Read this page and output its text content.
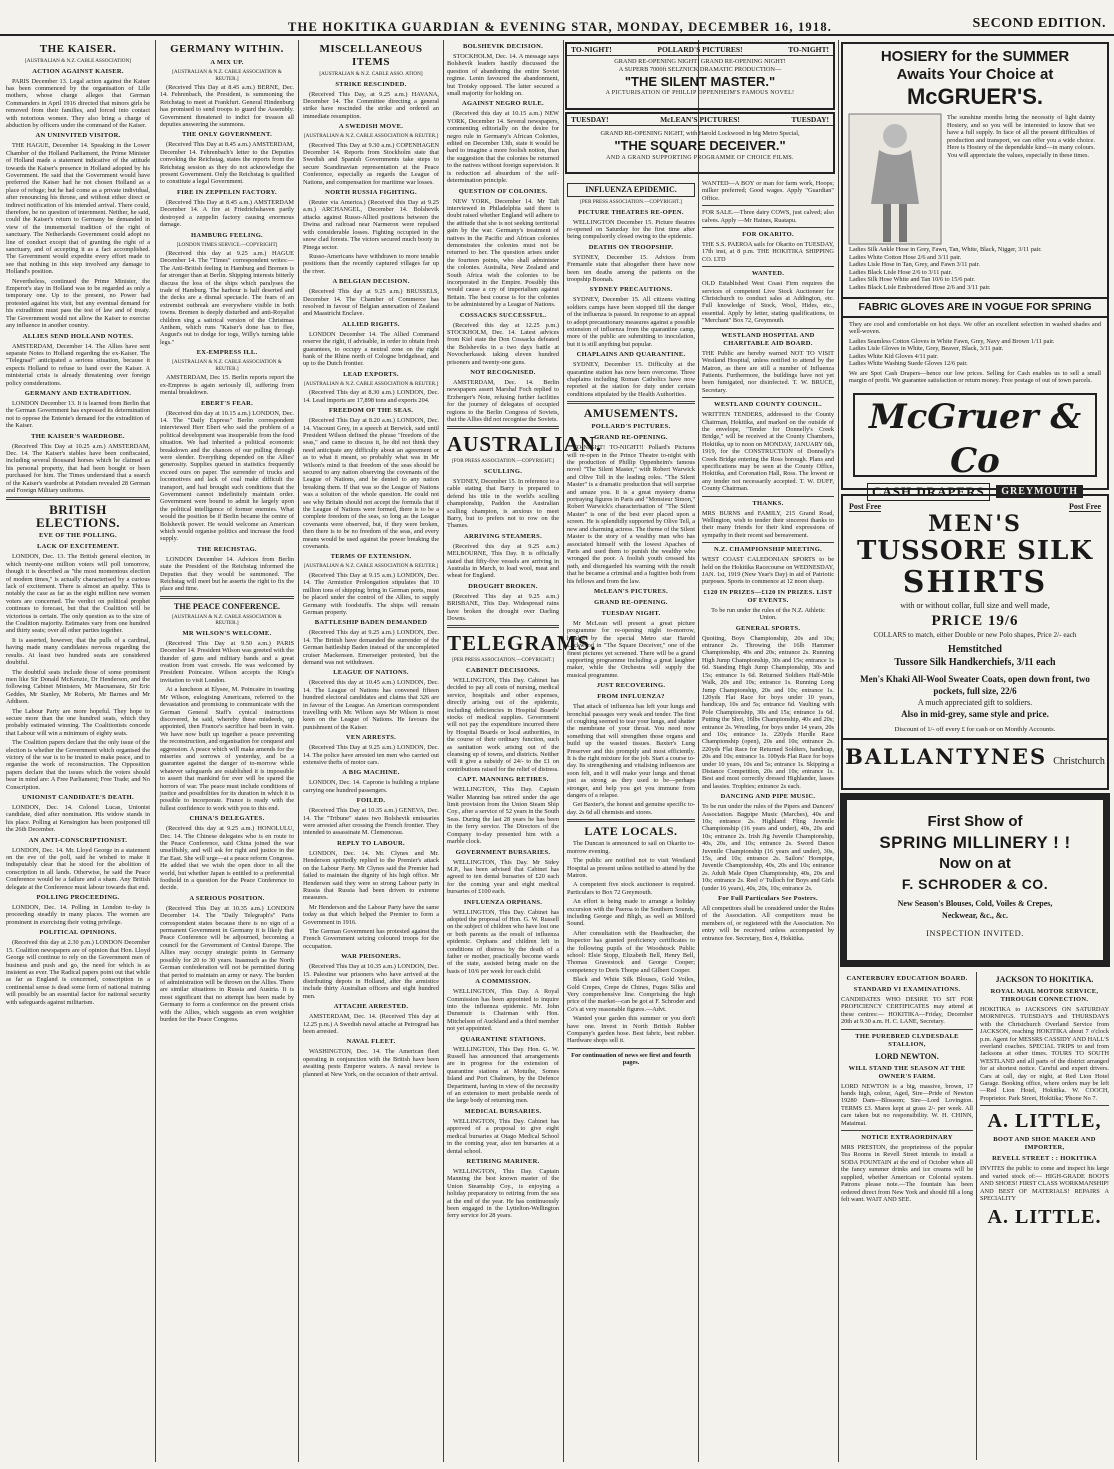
THE HOKITIKA GUARDIAN & EVENING STAR, MONDAY, DECEMBER 16, 1918.	SECOND EDITION.
THE KAISER.
[AUSTRALIAN & N.Z. CABLE ASSOCIATION]
ACTION AGAINST KAISER.

PARIS December 13. Legal action against the Kaiser has been commenced by the organisation of Lille mothers, whose charge alleges that German Commanders in April 1916 directed that minors girls be removed from their families, and forced into contact with notorious women. They also bring a charge of abduction by officers under the command of the Kaiser.

AN UNINVITED VISITOR.

THE HAGUE, December 14. Speaking in the Lower Chamber of the Holland Parliament, the Prime Minister of Holland made a statement indicative of the attitude towards the Kaiser's presence in Holland adopted by his Government. He said that the Government would have preferred the Kaiser had he not chosen Holland as a place of refuge; but he had come as a private individual, after renouncing his throne, and without either direct or indirect notification of his intended arrival. There could, therefore, be no question of internment. Neither, he said, could the Kaiser's return to Germany be demanded in view of the immemorial tradition of the right of sanctuary. The Netherlands Government could adopt no line of conduct except that of granting the right of a sanctuary, and of accepting it as a fact accomplished. The Government would expedite every effort made to see that nothing in this step involved any damage to Holland's position.

Nevertheless, continued the Prime Minister, the Emperor's stay in Holland was to be regarded as only a temporary one. Up to the present, no Power had protested against his visit, but any eventual demand for his extradition must pass the test of law and of treaty. The Government would not allow the Kaiser to exercise any influence in another country.

ALLIES SEND HOLLAND NOTES.

AMSTERDAM, December 14. The Allies have sent separate Notes to Holland regarding the ex-Kaiser. The "Telegraaf" anticipated a serious situation, because it expects Holland to refuse to hand over the Kaiser. A ministerial crisis is already threatening over foreign policy considerations.

GERMANY AND EXTRADITION.

LONDON December 13. It is learned from Berlin that the German Government has expressed its determination not to oppose the Entente's demand for the extradition of the Kaiser.

THE KAISER'S WARDROBE.

(Received This Day at 10.25 a.m.) AMSTERDAM, Dec. 14. The Kaiser's stables have been confiscated, including several thousand horses which he claimed as his personal property, that had been bought or been purchased for him. The Times understand that a search of the Kaiser's wardrobe at Potsdam revealed 28 German and Foreign Military uniforms.

BRITISH ELECTIONS.
EVE OF THE POLLING.
LACK OF EXCITEMENT.

LONDON, Dec. 13. The British general election, in which twenty-one million voters will poll tomorrow, though it is described as "the most momentous election of modern times," is actually characterised by a curious lack of excitement. There is almost an apathy. This is notably the case as far as the eight million new women voters are concerned. The verdict on political prophet continues to forecast, but that the Coalition will be victorious is certain. The only question as to the size of the Coalition majority. Estimates vary from one hundred and thirty seats; over all other parties together.

It is asserted, however, that the pulls of a cardinal, having made many candidates nervous regarding the results. At least two hundred seats are considered doubtful.

The doubtful seats include those of some prominent men like Sir Donald McKenzie, Dr Henderson, and the following Cabinet Ministers, Mr Macnamara, Sir Eric Geddes, Mr Stanley, Mr Roberts, Mr Barnes and Mr Addison.

The Labour Party are more hopeful. They hope to secure more than the one hundred seats, which they probably estimated winning. The Coalitionists concede that Labour will win a minimum of eighty seats.

The Coalition papers declare that the only issue of the election is whether the Government which organised the victory of the war is to be trusted to make peace, and to organise the work of reconstruction. The Opposition papers declare that the issues which the voters should bear in mind are: A Free Parliament; Free Trade; and No Conscription.

UNIONIST CANDIDATE'S DEATH.

LONDON, Dec. 14. Colonel Lucas, Unionist candidate, died after nomination. His widow stands in his place. Polling at Kensington has been postponed till the 26th December.

AN ANTI-CONSCRIPTIONIST.

LONDON, Dec. 14. Mr. Lloyd George in a statement on the eve of the poll, said he wished to make it indisputably clear that he stood for the abolition of conscription in all lands. Otherwise, he said the Peace Conference would be a failure and a sham. Any British delegate at the Conference must labour towards that end.

POLLING PROCEEDING.

LONDON, Dec. 14. Polling in London to-day is proceeding steadily in many places. The women are prominent in exercising their voting privilege.

POLITICAL OPINIONS.

(Received this day at 2.30 p.m.) LONDON December 15. Coalition newspapers are of opinion that Hon. Lloyd George will continue to rely on the Government men of business and push and go, the need for which is as insistent as ever. The Radical papers point out that while as far as England is concerned, conscription in a continental sense is dead some form of national training will possibly be an essential factor for national security with safeguards against militarism.

GERMANY WITHIN.
A MIX UP.
[AUSTRALIAN & N.Z. CABLE ASSOCIATION & REUTER.]

(Received This Day at 8.45 a.m.) BERNE, Dec. 14. Fehrenbach, the President, is summoning the Reichstag to meet at Frankfurt. General Hindenburg has promised to send troops to guard the Assembly. Government threatened to indict for treason all deputies answering the summons.

THE ONLY GOVERNMENT.

(Received This Day at 8.45 a.m.) AMSTERDAM, December 14. Fehrenbach's letter to the Deputies convoking the Reichstag, states the reports from the Reichstag session as they do not acknowledge the present Government. Only the Reichstag is qualified to constitute a legal Government.

FIRE IN ZEPPELIN FACTORY.

(Received This Day at 8.45 a.m.) AMSTERDAM December 14. A fire at Friedrichshaven partly destroyed a zeppelin factory causing enormous damage.

HAMBURG FEELING.
[LONDON TIMES SERVICE.—COPYRIGHT]

(Received this day at 9.25 a.m.) HAGUE December 14. The "Times" correspondent writes:— The Anti-British feeling in Hamburg and Bremen is far stronger than at Berlin. Shipping interests bitterly discuss the loss of the ships which paralyses the trade of Hamburg. The harbour is half deserted and the decks are a dismal spectacle. The fears of an extremist outbreak are everywhere visible in both towns. Bremen is deeply disturbed and anti-Royalist children sing a satirical version of the Christmas Anthem, which runs "Kaiser's done has to flee, August's out to dodge for togs, Willy's turning table legs."

EX-EMPRESS ILL.
[AUSTRALIAN & N.Z. CABLE ASSOCIATION & REUTER.]

AMSTERDAM, Dec 15. Berlin reports report the ex-Empress is again seriously ill, suffering from mental breakdown.

EBERT'S FEAR.

(Received this day at 10.15 a.m.) LONDON, Dec. 14. The "Daily Express" Berlin correspondent interviewed Herr Ebert who said the problem of a political development was insuperable from the food situation. We had inherited a political economic breakdown and the chances of our pulling through were slender. Everything depended on the Allies' generosity. Supplies queued in statistics frequently exceed ours on paper. The surrender of trucks and locomotives and lack of coal make difficult the transport, and had brought such conditions that the Government cannot indefinitely maintain order. Government were bound to admit he largely upon the political intelligence of former enemies. What would the position be if Berlin became the centre of Bolshevik power. He would welcome an American which would organise politics and increase the food supply.

THE REICHSTAG.

LONDON December 14. Advices from Berlin state the President of the Reichstag informed the Deputies that they would be summoned. The Reichstag will meet but he asserts the right to fix the place and time.

THE PEACE CONFERENCE.
[AUSTRALIAN & N.Z. CABLE ASSOCIATION & REUTER.]
MR WILSON'S WELCOME.

(Received This Day at 9.50 a.m.) PARIS December 14. President Wilson was greeted with the thunder of guns and military bands and a great ovation from vast crowds. He was welcomed by President Poincaire. Wilson accepts the King's invitation to visit London.

At a luncheon at Elysee, M. Poincaire in toasting Mr Wilson, eulogising Americans, referred to the devastation and promising to communicate with the German General Staff's cynical instructions discovered, he said, whereby these misdeeds, up appointed, then France's sacrifice had been in vain. We have now built up together a peace preventing the reconstruction, and organisation for conquest and aggression. A peace which will make amends for the miseries and sorrows of yesterday, and be a guarantee against the danger of to-morrow while whatever safeguards are established it is impossible to assert that mankind for ever will be spared the horrors of war. The peace must include conditions of justice and possibilities for its duration in which it is possible to incorporate. France is ready with the fullest confidence to work with you to this end.

CHINA'S DELEGATES.

(Received this day at 9.25 a.m.) HONOLULU, Dec. 14. The Chinese delegates who is en route to the Peace Conference, said China joined the war unselfishly, and will ask for right and justice in the Far East. She will urge—at a peace reform Congress. He added that we wish the open door to all the world, but whether Japan is entitled to a preferential foothold in a question for the Peace Conference to decide.

A SERIOUS POSITION.

(Received This Day at 10.35 a.m.) LONDON December 14. The "Daily Telegraph's" Paris correspondent states because there is no sign of a permanent Government in Germany it is likely that Peace Conference will be adjourned, becoming a council for the Government of Central Europe. The Allies may occupy strategic points in Germany possibly for 20 to 30 years. Inasmuch as the North German confederation will not be permitted during that period to maintain an army or navy. The burden of administration will be thrown on the Allies. There are similar situations in Russia and Austria. It is most significant that no attempt has been made by Germany to form a conference on the present crisis with the Allies, which suggests an even weightier burden for the Peace Congress.

MISCELLANEOUS ITEMS
[AUSTRALIAN & N.Z. CABLE ASSO. ATION]
STRIKE RESCINDED.

(Received This Day, at 9.25 a.m.) HAVANA, December 14. The Committee directing a general strike have rescinded the strike and ordered an immediate resumption.

A SWEDISH MOVE.
[AUSTRALIAN & N.Z. CABLE ASSOCIATION & REUTER.]

(Received This Day at 9.30 a.m.) COPENHAGEN December 14. Reports from Stockholm state that Swedish and Spanish Governments take steps to secure Scandinavian representation at the Peace Conference, especially as regards the League of Nations, and compensation for maritime war losses.

NORTH RUSSIA FIGHTING.

(Reuter via America.) (Received this Day at 9.25 a.m.) ARCHANGEL, December 14. Bolshevik attacks against Russo-Allied positions between the Dwina and railroad near Narmeron were repulsed with considerable losses. Fighting occupied in the snow clad forests. The victors secured much booty in Pinega sector.

Russo-Americans have withdrawn to more tenable positions than the recently captured villages far up the river.

A BELGIAN DECISION.

(Received This day at 9.25 a.m.) BRUSSELS, December 14. The Chamber of Commerce has resolved in favour of Belgian annexation of Zealand and Maastricht Enclave.

ALLIED RIGHTS.

LONDON December 14. The Allied Command reserve the right, if advisable, in order to obtain fresh guarantees, to occupy a neutral zone on the right bank of the Rhine north of Cologne bridgehead, and up to the Dutch frontier.

LEAD EXPORTS.
[AUSTRALIAN & N.Z. CABLE ASSOCIATION & REUTER.]

(Received This day at 8.30 a.m.) LONDON, Dec. 14. Lead imports are 17,898 tons and exports 204.

FREEDOM OF THE SEAS.

(Received This Day at 8.20 a.m.) LONDON, Dec. 14. Viscount Grey, in a speech at Berwick, said until President Wilson defined the phrase "freedom of the seas," and came to discuss it, he did not think they need anticipate any difficulty about an agreement or as to what it meant, so probably what was in Mr Wilson's mind is that freedom of the seas should be secured to any nation observing the covenants of the League of Nations, and be denied to any nation breaking them. If that was so the League of Nations was a solution of the whole question. He could not see why Britain should not accept the formula that if the League of Nations were formed, there is to be a complete freedom of the seas, so long as the League covenants were observed, but, if they were broken, then there is to be no freedom of the seas, and every means would be used against the power breaking the covenants.

TERMS OF EXTENSION.
[AUSTRALIAN & N.Z. CABLE ASSOCIATION & REUTER.]

(Received This Day at 9.15 a.m.) LONDON, Dec. 14. The Armistice Prolongation stipulates that 10 million tons of shipping; bring in German ports, must be placed under the control of the Allies, to supply Germany with foodstuffs. The ships will remain German property.

BATTLESHIP BADEN DEMANDED

(Received This day at 9.25 a.m.) LONDON, Dec. 14. The British have demanded the surrender of the German battleship Baden instead of the uncompleted cruiser Mackensen. Ernerseiger protested, but the demand was not withdrawn.

LEAGUE OF NATIONS.

(Received this day at 10.45 a.m.) LONDON, Dec. 14. The League of Nations has convened fifteen hundred electoral candidates and claims that 326 are in favour of the League. An American correspondent travelling with Mr. Wilson says Mr Wilson is most keen on the League of Nations. He favours the punishment of the Kaiser.

VEN ARRESTS.

(Received This Day at 9.25 a.m.) LONDON, Dec. 14. The police have arrested ten men who carried out extensive thefts of motor cars.

A BIG MACHINE.

LONDON, Dec. 14. Caprone is building a triplane carrying one hundred passengers.

FOILED.

(Received This Day at 10.35 a.m.) GENEVA, Dec. 14. The "Tribune" states two Bolshevik emissaries were arrested after crossing the French frontier. They intended to assassinate M. Clemenceau.

REPLY TO LABOUR.

LONDON, Dec. 14. Mr. Clynes and Mr. Henderson spiritedly replied to the Premier's attack on the Labour Party. Mr Clynes said the Premier had failed to maintain the dignity of his high office. Mr Henderson said they were so strong Labour party in Russia that Russia had been driven to extreme measures.

Mr Henderson and the Labour Party have the same today as that which helped the Premier to form a Government in 1916.

The German Government has protested against the French Government seizing coloured troops for the occupation.

WAR PRISONERS.

(Received This Day at 10.35 a.m.) LONDON, Dec. 15. Palestine war prisoners who have arrived at the distributing depots in Holland, after the armistice include thirty Australian officers and eight hundred men.

ATTACHE ARRESTED.

AMSTERDAM, Dec. 14. (Received This day at 12.25 p.m.) A Swedish naval attache at Petrograd has been arrested.

NAVAL FLEET.

WASHINGTON, Dec. 14. The American fleet operating in conjunction with the British have been awaiting pests Emperor waters. A naval review is planned at New York, on the occasion of their arrival.

BOLSHEVIK DECISION.

STOCKHOLM, Dec. 14. A message says Bolshevik leaders hastily discussed the question of abandoning the entire Soviet regime. Lenin favoured the abandonment, but Trotsky opposed. The latter secured a small majority for holding on.

AGAINST NEGRO RULE.

(Received this day at 10.15 a.m.) NEW YORK, December 14. Several newspapers, commenting editorially on the desire for negro rule in Germany's African Colonies, edited on December 13th, state it would be hard to imagine a more foolish notion, than the suggestion that the colonies be returned to the natives without foreign supervision. It is reduction ad absurdum of the self-determination principle.

QUESTION OF COLONIES.

NEW YORK, December 14. Mr Taft interviewed in Philadelphia said there is doubt raised whether England will adhere to the attitude that she is not seeking territorial gain by the war. Germany's treatment of natives in the Pacific and African colonies demonstrates the colonies must not be returned to her. The question arises under the fourteen points, who shall administer the colonies. Australia, New Zealand and South Africa wish the colonies to be incorporated in the Empire. Possibly this would cause a cry of imperialism against Britain. The best course is for the colonies to be administered by a League of Nations.

COSSACKS SUCCESSFUL.

(Received this day at 12.25 p.m.) STOCKHOLM, Dec. 14. Latest advices from Kiel state the Don Cossacks defeated the Bolsheviks in a two days battle at Novocherkassk taking eleven hundred prisoners and twenty-one guns.

NOT RECOGNISED.

AMSTERDAM, Dec. 14. Berlin newspapers assert Marshal Foch replied to Erzberger's Note, refusing further facilities for the journey of delegates of occupied regions to the Berlin Congress of Soviets, that the Allies did not recognise the Soviets.

AUSTRALIAN.
[FOR PRESS ASSOCIATION.—COPYRIGHT.]
SCULLING.

SYDNEY, December 15. In reference to a cable stating that Barry is prepared to defend his title in the world's sculling championship, Paddon the Australian sculling champion, is anxious to meet Barry, but to prefers not to row on the Thames.

ARRIVING STEAMERS.

(Received this day at 9.25 a.m.) MELBOURNE, This Day. It is officially stated that fifty-five vessels are arriving in Australia in March, to load wool, meat and wheat for England.

DROUGHT BROKEN.

(Received This day at 9.25 a.m.) BRISBANE, This Day. Widespread rains have broken the drought over Darling Downs.

TELEGRAMS.
[PER PRESS ASSOCIATION.—COPYRIGHT.]
CABINET DECISIONS.

WELLINGTON, This Day. Cabinet has decided to pay all costs of nursing, medical service, hospitals and other expenses, directly arising out of the epidemic, including deficiencies in Hospital Boards' stocks of medical supplies. Government will not pay the expenditure incurred there by Hospital Boards or local authorities, in the course of their ordinary function, such as sanitation work arising out of the cleansing up of towns, and districts. Neither will it give a subsidy of 24/- to the £1 on contributions raised for the relief of distress.

CAPT. MANNING RETIRES.

WELLINGTON, This Day. Captain Waller Manning has retired under the age limit provision from the Union Steam Ship Coy., after a service of 52 years in the South Seas. During the last 28 years he has been in the ferry service. The Directors of the Company to-day presented him with a marble clock.

GOVERNMENT BURSARIES.

WELLINGTON, This Day. Mr Sidey M.P., has been advised that Cabinet has agreed to ten dental bursaries of £20 each for the coming year and eight medical bursaries of £100 each.

INFLUENZA ORPHANS.

WELLINGTON, This Day. Cabinet has adopted the proposal of Hon. G. W. Russell on the subject of children who have lost one or both parents as the result of influenza epidemic. Orphans and children left in conditions of distress by the death of a father or mother, practically become wards of the state, assisted being made on the basis of 10/6 per week for each child.

A COMMISSION.

WELLINGTON, This Day. A Royal Commission has been appointed to inquire into the influenza epidemic. Mr. John Dunsmuir is Chairman with Hon. Mitchelson of Auckland and a third member not yet appointed.

QUARANTINE STATIONS.

WELLINGTON, This Day. Hon. G. W. Russell has announced that arrangements are in progress for the extension of quarantine stations at Motuihe, Somes Island and Port Chalmers, by the Defence Department, having in view of the necessity of an extension to meet probable needs of the large body of returning men.

MEDICAL BURSARIES.

WELLINGTON, This Day. Cabinet has approved of a proposal to give eight medical bursaries at Otago Medical School in the coming year, also ten bursaries at a dental school.

RETIRING MARINER.

WELLINGTON, This Day. Captain Manning the best known master of the Union Steamship Coy., is enjoying a holiday preparatory to retiring from the sea at the end of the year. He has continuously been engaged in the Lyttelton-Wellington ferry service for 28 years.

TO-NIGHT!	POLLARD'S PICTURES!	TO-NIGHT!
GRAND RE-OPENING NIGHT! GRAND RE-OPENING NIGHT!
A SUPERB 7000ft SELZNICK DRAMATIC PRODUCTION—
"THE SILENT MASTER."
A PICTURISATION OF PHILLIP OPPENHEIM'S FAMOUS NOVEL!
TUESDAY!	McLEAN'S PICTURES!	TUESDAY!
GRAND RE-OPENING NIGHT, with Harold Lockwood in big Metro Special,
"THE SQUARE DECEIVER."
AND A GRAND SUPPORTING PROGRAMME OF CHOICE FILMS.
INFLUENZA EPIDEMIC.
[PER PRESS ASSOCIATION.—COPYRIGHT.]
PICTURE THEATRES RE-OPEN.

WELLINGTON December 15. Picture theatres re-opened on Saturday for the first time after being compulsorily closed owing to the epidemic.

DEATHS ON TROOPSHIP.

SYDNEY, December 15. Advices from Fremantle state that altogether there have now been ten deaths among the patients on the troopship Boonah.

SYDNEY PRECAUTIONS.

SYDNEY, December 15. All citizens visiting soldiers camps have been stopped till the danger of the influenza is passed. In response to an appeal to adopt precautionary measures against a possible extension of influenza from the quarantine camp, more of the public are submitting to inoculation, but it is still anything but popular.

CHAPLAINS AND QUARANTINE.

SYDNEY, December 15. Difficulty at the quarantine station has now been overcome. Three chaplains including Roman Catholics have now reported at the station for duty under certain conditions stipulated by the Health Authorities.

AMUSEMENTS.
POLLARD'S PICTURES.
GRAND RE-OPENING.

TO-NIGHT! TO-NIGHT!! Pollard's Pictures will re-open in the Prince Theatre to-night with the production of Phillip Oppenheim's famous novel "The Silent Master," with Robert Warwick and Olive Tell in the leading roles. "The Silent Master" is a dramatic production that will surprise and amaze you. It is a great mystery drama portraying figures in Paris and "Monsieur Simon," Robert Warwick's characterisation of "The Silent Master" is one of the best ever placed upon a screen. He is splendidly supported by Olive Tell, a new and charming actress. The theme of the Silent Master is the story of a wealthy man who has associated himself with the lowest Apaches of Paris and used them to punish the wealthy who wronged the poor. A foolish youth crossed his path, and disregarded his warning with the result that he became a criminal and a fugitive both from his fellows and from the law.

McLEAN'S PICTURES.
GRAND RE-OPENING.
TUESDAY NIGHT.

Mr McLean will present a great picture programme for re-opening night to-morrow, headed by the special Metro star Harold Lockwood in "The Square Deceiver," one of the finest pictures yet screened. There will be a grand supporting programme including a great laughter maker, while the Orchestra will supply the musical programme.

JUST RECOVERING.
FROM INFLUENZA?

That attack of influenza has left your lungs and bronchial passages very weak and tender. The first of coughing seemed to tear your lungs, and shatter the membrane of your throat. You need now something that will strengthen those organs and build up the wasted tissues. Baxter's Lung Preserver and this promptly and most efficiently. It is the right mixture for the job. Start a course to-day. Its strengthening and vitalising influences are soon felt, and it will make your lungs and throat just as strong as they used to be—perhaps stronger, and help you get you immune from dangers of a relapse.

Get Baxter's, the honest and genuine specific to-day. 2s 6d all chemists and stores.

LATE LOCALS.

The Duncan is announced to sail on Okarito to-morrow evening.

The public are notified not to visit Westland Hospital as present unless notified to attend by the Matron.

A competent five stock auctioneer is required. Particulars to Box 72 Greymouth.

An effort is being made to arrange a holiday excursion with the Paeroa to the Southern Sounds, including George and Bligh, as well as Milford Sound.

After consultation with the Headteacher, the Inspector has granted proficiency certificates to the following pupils of the Woodstock Public school: Elsie Stopp, Elizabeth Bell, Henry Bell, Thomas Gravestock and George Cooper; competency to Doris Thorpe and Gilbert Cooper.

Black and White Silk Blouses, Gold Voiles, Gold Crepes, Crepe de Chines, Fuges Silks and Very comprehensive line. Comprising the high price of the market—can be got at F. Schroder and Co's at very reasonable figures.—Advt.

Wanted your garden this summer or you don't have one. Invest in North British Rubber Company's garden hose. Best fabric, best rubber. Hardware shops sell it.

For continuation of news see first and fourth pages.

WANTED—A BOY or man for farm work, Hoops; milker preferred; Good wages. Apply "Guardian" Office.
FOR SALE.—Three dairy COWS, just calved; also calves. Apply —Mr Haines, Ruatapu.
FOR OKARITO.
THE S.S. PAEROA sails for Okarito on TUESDAY, 17th inst, at 8 p.m. THE HOKITIKA SHIPPING CO. LTD
WANTED.
OLD Established West Coast Firm requires the services of competent Live Stock Auctioneer for Christchurch to conduct sales at Addington, etc. Full knowledge of Stock, Wool, Hides, etc., essential. Apply by letter, stating qualifications, to "Merchant" Box 72, Greymouth.
WESTLAND HOSPITAL AND CHARITABLE AID BOARD.
THE Public are hereby warned NOT TO VISIT Westland Hospital, unless notified to attend by the Matron, as there are still a number of Influenza Patients. Furthermore, the buildings have not yet been fumigated, nor disinfected. T. W. BRUCE, Secretary.
WESTLAND COUNTY COUNCIL.
WRITTEN TENDERS, addressed to the County Chairman, Hokitika, and marked on the outside of the envelope, "Tender for Donnelly's Creek Bridge," will be received at the County Chambers, Hokitika, up to noon on MONDAY, JANUARY 6th, 1919, for the CONSTRUCTION of Donnelly's Creek Bridge entering the Ross borough. Plans and specifications may be seen at the County Office, Hokitika, and Coronation Hall, Ross. The lowest or any tender not necessarily accepted. T. W. DUFF, County Chairman.
THANKS.
MRS BURNS and FAMILY, 215 Grand Road, Wellington, wish to tender their sincerest thanks to their many friends for their kind expressions of sympathy in their recent sad bereavement.
N.Z. CHAMPIONSHIP MEETING.
WEST COAST CALEDONIAN SPORTS to be held on the Hokitika Racecourse on WEDNESDAY, JAN. 1st, 1919 (New Year's Day) in aid of Patriotic purposes. Sports to commence at 12 noon sharp.
£120 IN PRIZES—£120 IN PRIZES. LIST OF EVENTS.
To be run under the rules of the N.Z. Athletic Union.
GENERAL SPORTS.
Quoiting, Boys Championship, 20s and 10s; entrance 2s. Throwing the 16lb Hammer Championship, 40s and 20s; entrance 2s. Running High Jump Championship, 30s and 15s; entrance 1s 6d. Standing High Jump Championship, 30s and 15s; entrance 1s 6d. Returned Soldiers Half-Mile Walk, 20s and 10s; entrance 1s. Running Long Jump Championship, 20s and 10s; entrance 1s. 120yds Flat Race for boys under 10 years, handicap, 10s and 5s; entrance 6d. Vaulting with Pole Championship, 30s and 15s; entrance 1s 6d. Putting the Shot, 16lbs Championship, 40s and 20s; entrance 2s. Wrestling, for boys under 14 years, 20s and 10s; entrance 1s. 220yds Hurdle Race Championship (open), 20s and 10s; entrance 2s. 220yds Flat Race for Returned Soldiers, handicap, 20s and 10s; entrance 1s. 100yds Flat Race for boys under 10 years, 10s and 5s; entrance 1s. Skipping a Distance Competition, 20s and 10s; entrance 1s. Best and most correctly dressed Highlander, lasses and lassies. Trophies; entrance 2s each.
DANCING AND PIPE MUSIC.
To be run under the rules of the Pipers and Dancers' Association. Bagpipe Music (Marches), 40s and 10s; entrance 2s. Highland Fling Juvenile Championship (16 years and under), 40s, 20s and 10s; entrance 2s. Irish Jig Juvenile Championship, 40s, 20s, and 10s; entrance 2s. Sword Dance Juvenile Championship (16 years and under), 30s, 15s, and 10s; entrance 2s. Sailors' Hornpipe, Juvenile Championship, 40s, 20s and 10s; entrance 2s. Adult Male Open Championship, 40s, 20s and 10s; entrance 2s. Reel o' Tulloch for Boys and Girls (under 16 years), 40s, 20s, 10s; entrance 2s.
For Full Particulars See Posters.
All competitors shall be considered under the Rules of the Association. All competitors must be members of, or registered with the Association. No entry will be received unless accompanied by entrance fee. Secretary, Box 4, Hokitika.
HOSIERY for the SUMMER
Awaits Your Choice at
McGRUER'S.
The sunshine months bring the necessity of light dainty Hosiery, and so you will be interested to know that we have a full supply. In face of all the present difficulties of production and transport, we can offer you a wide choice. Here is Hosiery of the dependable kind—in many colours. You will appreciate the values, especially in these times.
Ladies Silk Ankle Hose in Grey, Fawn, Tan, White, Black, Nigger, 3/11 pair.
Ladies White Cotton Hose 2/6 and 3/11 pair.
Ladies Lisle Hose in Tan, Grey, and Fawn 3/11 pair.
Ladies Black Lisle Hose 2/6 to 3/11 pair.
Ladies Silk Hose White and Tan 10/6 to 15/6 pair.
Ladies Black Lisle Embroidered Hose 2/6 and 3/11 pair.
FABRIC GLOVES ARE IN VOGUE FOR SPRING
They are cool and comfortable on hot days. We offer an excellent selection in washed shades and well-woven.
Ladies Seamless Cotton Gloves in White Fawn, Grey, Navy and Brown 1/11 pair.
Ladies Lisle Gloves in White, Grey, Beaver, Black, 3/11 pair.
Ladies White Kid Gloves 4/11 pair.
Ladies White Washing Suede Gloves 12/6 pair.
We are Spot Cash Drapers—hence our low prices. Selling for Cash enables us to sell a small margin of profit. We guarantee satisfaction or return money. Free postage of out of town parcels.
McGruer & Co
CASH DRAPERS	GREYMOUTH
Post Free	Post Free
MEN'S
TUSSORE SILK
SHIRTS
with or without collar, full size and well made,
PRICE 19/6
COLLARS to match, either Double or new Polo shapes, Price 2/- each
Hemstitched
Tussore Silk Handkerchiefs, 3/11 each
Men's Khaki All-Wool Sweater Coats, open down front, two pockets, full size, 22/6
A much appreciated gift to soldiers.
Also in mid-grey, same style and price.
Discount of 1/- off every £ for cash or on Monthly Accounts.
BALLANTYNES Christchurch
First Show of
SPRING MILLINERY ! !
Now on at
F. SCHRODER & CO.
New Season's Blouses, Cold, Voiles & Crepes,
Neckwear, &c., &c.
INSPECTION INVITED.
CANTERBURY EDUCATION BOARD.
STANDARD VI EXAMINATIONS.
CANDIDATES WHO DESIRE TO SIT FOR PROFICIENCY CERTIFICATES may attend at these centres:— HOKITIKA—Friday, December 20th at 9.30 a.m. H. C. LANE, Secretary.
THE PUREBRED CLYDESDALE STALLION,
LORD NEWTON.
WILL STAND THE SEASON AT THE OWNER'S FARM.
LORD NEWTON is a big, massive, brown, 17 hands high, colour, Aged, Sire—Pride of Newton 19280 Dam—Blossom; Sire—Lord Lovington. TERMS £3. Mares kept at grass 2/- per week. All care taken but no responsibility. W. H. CHINN, Mataimai.
NOTICE EXTRAORDINARY
MRS PRESTON, the proprietress of the popular Tea Rooms in Revell Street intends to install a SODA FOUNTAIN at the end of October when all the fancy summer drinks and ice creams will be supplied, whether American or Colonial system. Patrons please note.—The fountain has been ordered direct from New York and should fill a long felt want. WAIT AND SEE.
JACKSON TO HOKITIKA.
ROYAL MAIL MOTOR SERVICE, THROUGH CONNECTION.
HOKITIKA to JACKSONS ON SATURDAY MORNINGS. TUESDAYS and THURSDAYS with the Christchurch Overland Service from JACKSON, reaching HOKITIKA about 7 o'clock p.m. Agent for MESSRS CASSIDY AND HALL'S overland coaches. SPECIAL TRIPS to and from Jacksons at other times. TOURS TO SOUTH WESTLAND and all parts of the district arranged for at shortest notice. Careful and expert drivers. Cars at call, day or night, at Red Lion Hotel Garage. Booking office, where orders may be left—Red Lion Hotel, Hokitika. W. COOCH, Proprietor. Park Street, Hokitika; 'Phone No 7.
A. LITTLE,
BOOT AND SHOE MAKER AND IMPORTER,
REVELL STREET : : HOKITIKA
INVITES the public to come and inspect his large and varied stock of:— HIGH-GRADE BOOTS AND SHOES! FIRST CLASS WORKMANSHIP! AND BEST OF MATERIALS! REPAIRS A SPECIALITY
A. LITTLE.
